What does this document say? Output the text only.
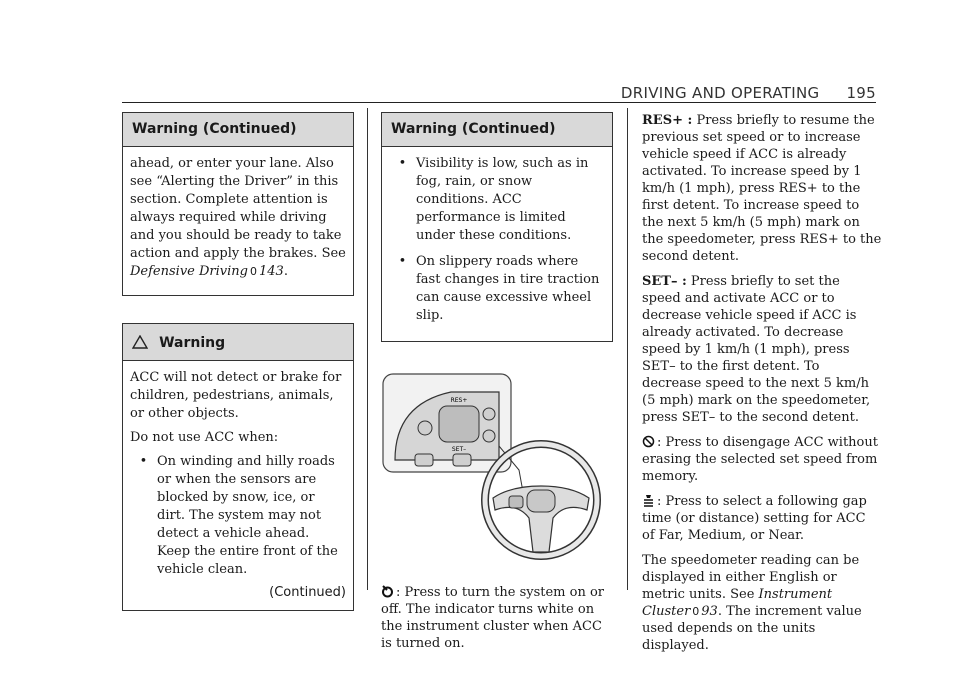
DRIVING AND OPERATING 195
Warning (Continued)

ahead, or enter your lane. Also see “Alerting the Driver” in this section. Complete attention is always required while driving and you should be ready to take action and apply the brakes. See Defensive Driving 0 143.

Warning

ACC will not detect or brake for children, pedestrians, animals, or other objects.

Do not use ACC when:

• On winding and hilly roads or when the sensors are blocked by snow, ice, or dirt. The system may not detect a vehicle ahead. Keep the entire front of the vehicle clean.
(Continued)
Warning (Continued)
• Visibility is low, such as in fog, rain, or snow conditions. ACC performance is limited under these conditions.
• On slippery roads where fast changes in tire traction can cause excessive wheel slip.
RES+
SET–

: Press to turn the system on or off. The indicator turns white on the instrument cluster when ACC is turned on.

RES+ : Press briefly to resume the previous set speed or to increase vehicle speed if ACC is already activated. To increase speed by 1 km/h (1 mph), press RES+ to the first detent. To increase speed to the next 5 km/h (5 mph) mark on the speedometer, press RES+ to the second detent.

SET– : Press briefly to set the speed and activate ACC or to decrease vehicle speed if ACC is already activated. To decrease speed by 1 km/h (1 mph), press SET– to the first detent. To decrease speed to the next 5 km/h (5 mph) mark on the speedometer, press SET– to the second detent.

: Press to disengage ACC without erasing the selected set speed from memory.

: Press to select a following gap time (or distance) setting for ACC of Far, Medium, or Near.

The speedometer reading can be displayed in either English or metric units. See Instrument Cluster 0 93. The increment value used depends on the units displayed.
